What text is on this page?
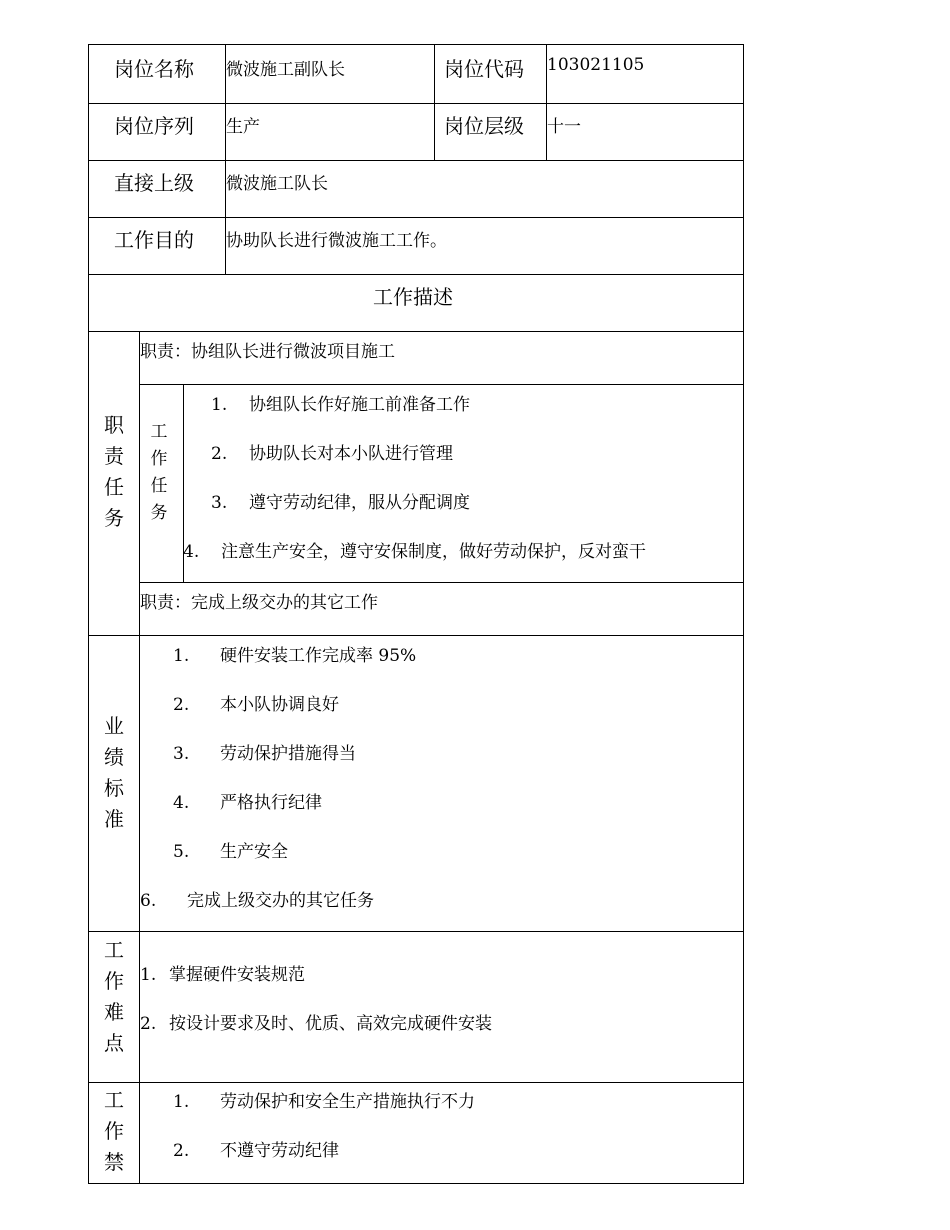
岗位名称 微波施工副队长	岗位代码 103021105
岗位序列 生产	岗位层级 十一
直接上级 微波施工队长
工作目的 协助队长进行微波施工工作。
工作描述
职责任务
职责：协组队长进行微波项目施工
工作任务
1. 协组队长作好施工前准备工作
2. 协助队长对本小队进行管理
3. 遵守劳动纪律，服从分配调度
4. 注意生产安全，遵守安保制度，做好劳动保护，反对蛮干
职责：完成上级交办的其它工作
业绩标准
1. 硬件安装工作完成率 95%
2. 本小队协调良好
3. 劳动保护措施得当
4. 严格执行纪律
5. 生产安全
6. 完成上级交办的其它任务
工作难点
1. 掌握硬件安装规范
2. 按设计要求及时、优质、高效完成硬件安装
工作禁
1. 劳动保护和安全生产措施执行不力
2. 不遵守劳动纪律
